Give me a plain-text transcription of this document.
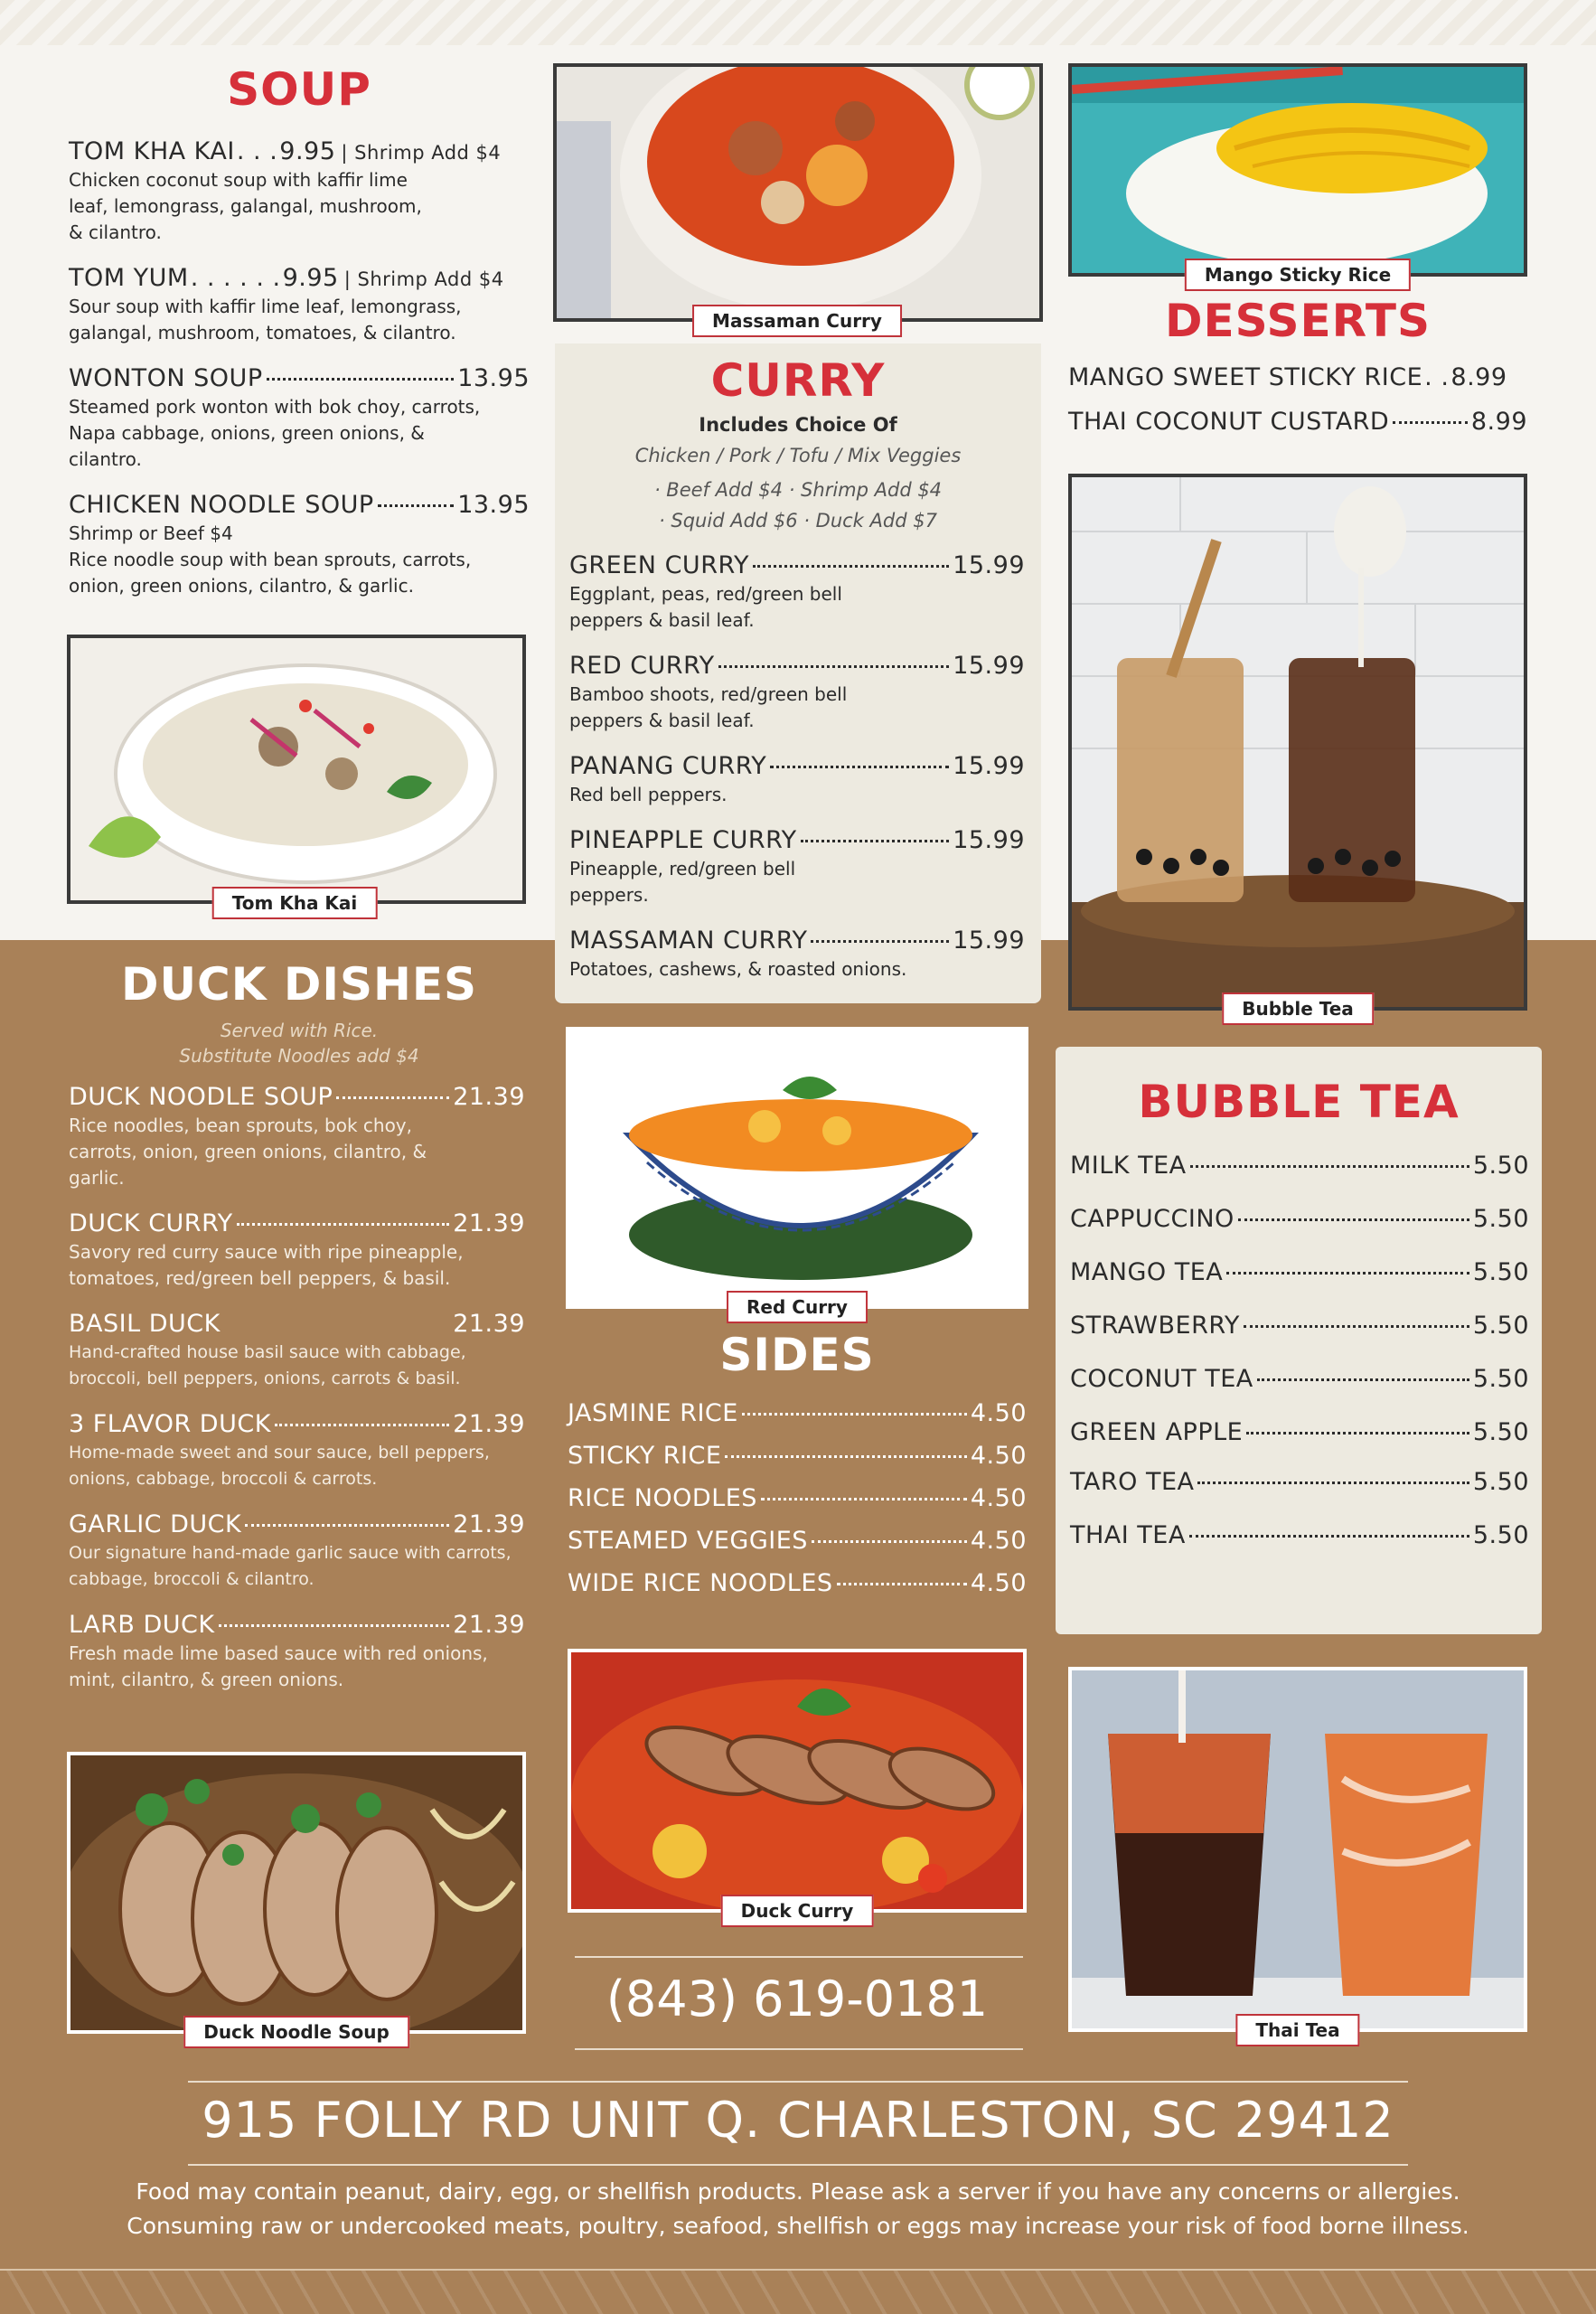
SOUP
TOM KHA KAI . . . 9.95 | Shrimp Add $4
Chicken coconut soup with kaffir lime leaf, lemongrass, galangal, mushroom, & cilantro.
TOM YUM . . . . . . 9.95 | Shrimp Add $4
Sour soup with kaffir lime leaf, lemongrass, galangal, mushroom, tomatoes, & cilantro.
WONTON SOUP	13.95
Steamed pork wonton with bok choy, carrots, Napa cabbage, onions, green onions, & cilantro.
CHICKEN NOODLE SOUP	13.95
Shrimp or Beef $4
Rice noodle soup with bean sprouts, carrots, onion, green onions, cilantro, & garlic.
Tom Kha Kai
Massaman Curry
CURRY
Includes Choice Of
Chicken / Pork / Tofu / Mix Veggies
· Beef Add $4 · Shrimp Add $4
· Squid Add $6 · Duck Add $7
GREEN CURRY	15.99
Eggplant, peas, red/green bell peppers & basil leaf.
RED CURRY	15.99
Bamboo shoots, red/green bell peppers & basil leaf.
PANANG CURRY	15.99
Red bell peppers.
PINEAPPLE CURRY	15.99
Pineapple, red/green bell peppers.
MASSAMAN CURRY	15.99
Potatoes, cashews, & roasted onions.
Mango Sticky Rice
DESSERTS
MANGO SWEET STICKY RICE . . 8.99
THAI COCONUT CUSTARD	8.99
Bubble Tea
DUCK DISHES
Served with Rice.
Substitute Noodles add $4
DUCK NOODLE SOUP	21.39
Rice noodles, bean sprouts, bok choy, carrots, onion, green onions, cilantro, & garlic.
DUCK CURRY	21.39
Savory red curry sauce with ripe pineapple, tomatoes, red/green bell peppers, & basil.
BASIL DUCK	21.39
Hand-crafted house basil sauce with cabbage, broccoli, bell peppers, onions, carrots & basil.
3 FLAVOR DUCK	21.39
Home-made sweet and sour sauce, bell peppers, onions, cabbage, broccoli & carrots.
GARLIC DUCK	21.39
Our signature hand-made garlic sauce with carrots, cabbage, broccoli & cilantro.
LARB DUCK	21.39
Fresh made lime based sauce with red onions, mint, cilantro, & green onions.
Duck Noodle Soup
Red Curry
SIDES
JASMINE RICE	4.50
STICKY RICE	4.50
RICE NOODLES	4.50
STEAMED VEGGIES	4.50
WIDE RICE NOODLES	4.50
Duck Curry
(843) 619-0181
BUBBLE TEA
MILK TEA	5.50
CAPPUCCINO	5.50
MANGO TEA	5.50
STRAWBERRY	5.50
COCONUT TEA	5.50
GREEN APPLE	5.50
TARO TEA	5.50
THAI TEA	5.50
Thai Tea
915 FOLLY RD UNIT Q. CHARLESTON, SC 29412
Food may contain peanut, dairy, egg, or shellfish products. Please ask a server if you have any concerns or allergies.
Consuming raw or undercooked meats, poultry, seafood, shellfish or eggs may increase your risk of food borne illness.
